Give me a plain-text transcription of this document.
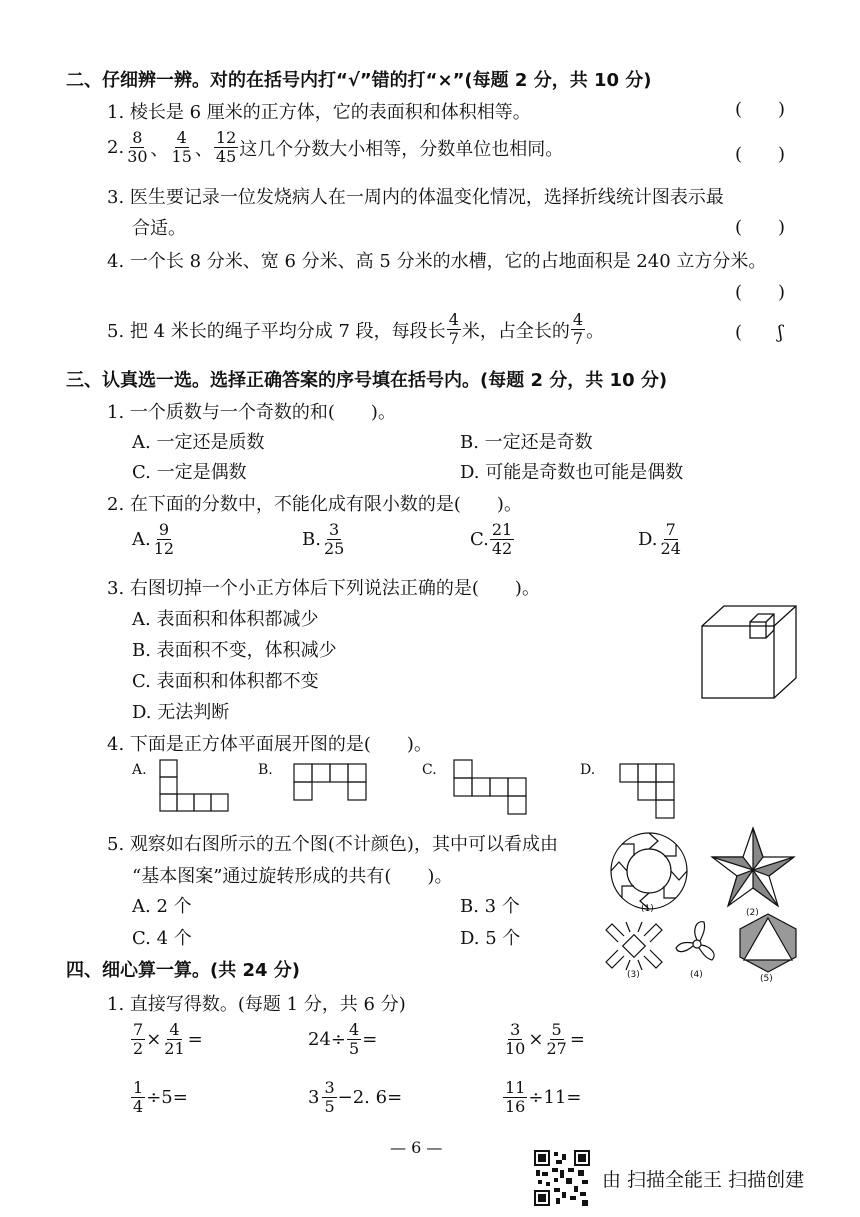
二、仔细辨一辨。对的在括号内打“√”错的打“×”(每题 2 分，共 10 分)
1. 棱长是 6 厘米的正方体，它的表面积和体积相等。	(　　)
2. $\frac{8}{30}$ 、 $\frac{4}{15}$ 、 $\frac{12}{45}$ 这几个分数大小相等，分数单位也相同。	(　　)
3. 医生要记录一位发烧病人在一周内的体温变化情况，选择折线统计图表示最
合适。	(　　)
4. 一个长 8 分米、宽 6 分米、高 5 分米的水槽，它的占地面积是 240 立方分米。
(　　)
5. 把 4 米长的绳子平均分成 7 段，每段长 $\frac{4}{7}$ 米，占全长的 $\frac{4}{7}$ 。	(　　ʃ
三、认真选一选。选择正确答案的序号填在括号内。(每题 2 分，共 10 分)
1. 一个质数与一个奇数的和(　　)。
A. 一定还是质数	B. 一定还是奇数
C. 一定是偶数	D. 可能是奇数也可能是偶数
2. 在下面的分数中，不能化成有限小数的是(　　)。
A. $\frac{9}{12}$	B. $\frac{3}{25}$	C. $\frac{21}{42}$	D. $\frac{7}{24}$
3. 右图切掉一个小正方体后下列说法正确的是(　　)。
A. 表面积和体积都减少
B. 表面积不变，体积减少
C. 表面积和体积都不变
D. 无法判断
4. 下面是正方体平面展开图的是(　　)。
A.	B.	C.	D.
5. 观察如右图所示的五个图(不计颜色)，其中可以看成由
“基本图案”通过旋转形成的共有(　　)。
A. 2 个	B. 3 个
C. 4 个	D. 5 个
(1)	(2)
(3)	(4)	(5)
四、细心算一算。(共 24 分)
1. 直接写得数。(每题 1 分，共 6 分)
$\frac{7}{2} \times \frac{4}{21}$ =	$24\div \frac{4}{5}$ =	$\frac{3}{10} \times \frac{5}{27}$ =
$\frac{1}{4} \div 5=$	$3 \frac{3}{5} -2$. 6=	$\frac{11}{16} \div 11=$
— 6 —
由 扫描全能王 扫描创建
